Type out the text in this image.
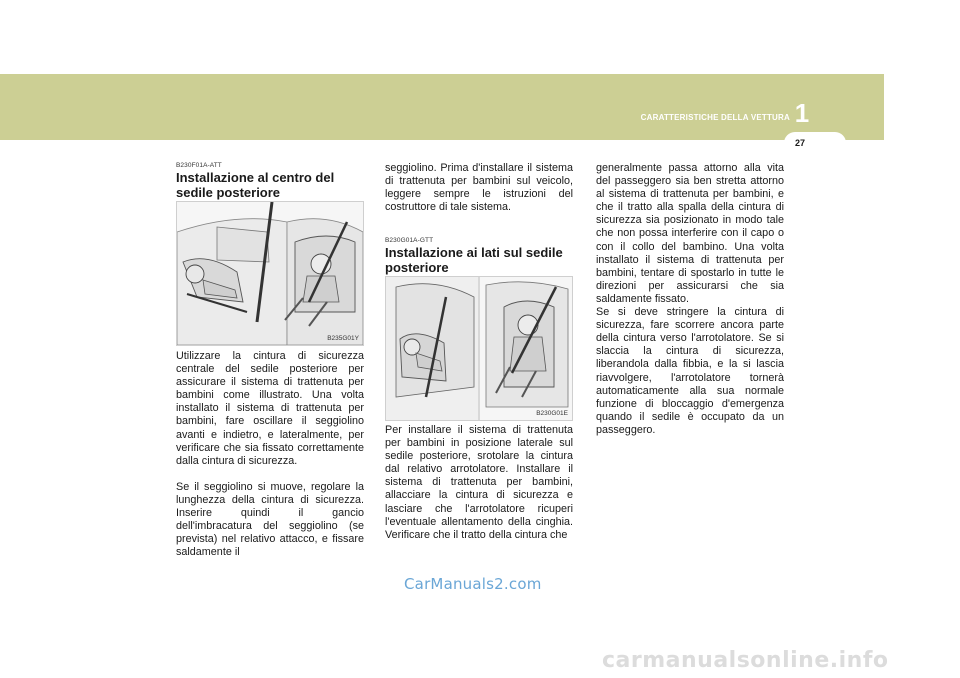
CARATTERISTICHE DELLA VETTURA 1
27
B230F01A-ATT
Installazione al centro del sedile posteriore
B235G01Y

Utilizzare la cintura di sicurezza centrale del sedile posteriore per assicurare il sistema di trattenuta per bambini come illustrato. Una volta installato il sistema di trattenuta per bambini, fare oscillare il seggiolino avanti e indietro, e lateralmente, per verificare che sia fissato correttamente dalla cintura di sicurezza.

Se il seggiolino si muove, regolare la lunghezza della cintura di sicurezza. Inserire quindi il gancio dell'imbracatura del seggiolino (se prevista) nel relativo attacco, e fissare saldamente il

seggiolino. Prima d'installare il sistema di trattenuta per bambini sul veicolo, leggere sempre le istruzioni del costruttore di tale sistema.

B230G01A-GTT
Installazione ai lati sul sedile posteriore
B230G01E

Per installare il sistema di trattenuta per bambini in posizione laterale sul sedile posteriore, srotolare la cintura dal relativo arrotolatore. Installare il sistema di trattenuta per bambini, allacciare la cintura di sicurezza e lasciare che l'arrotolatore ricuperi l'eventuale allentamento della cinghia. Verificare che il tratto della cintura che

generalmente passa attorno alla vita del passeggero sia ben stretta attorno al sistema di trattenuta per bambini, e che il tratto alla spalla della cintura di sicurezza sia posizionato in modo tale che non possa interferire con il capo o con il collo del bambino. Una volta installato il sistema di trattenuta per bambini, tentare di spostarlo in tutte le direzioni per assicurarsi che sia saldamente fissato.

Se si deve stringere la cintura di sicurezza, fare scorrere ancora parte della cintura verso l'arrotolatore. Se si slaccia la cintura di sicurezza, liberandola dalla fibbia, e la si lascia riavvolgere, l'arrotolatore tornerà automaticamente alla sua normale funzione di bloccaggio d'emergenza quando il sedile è occupato da un passeggero.

CarManuals2.com
carmanualsonline.info
